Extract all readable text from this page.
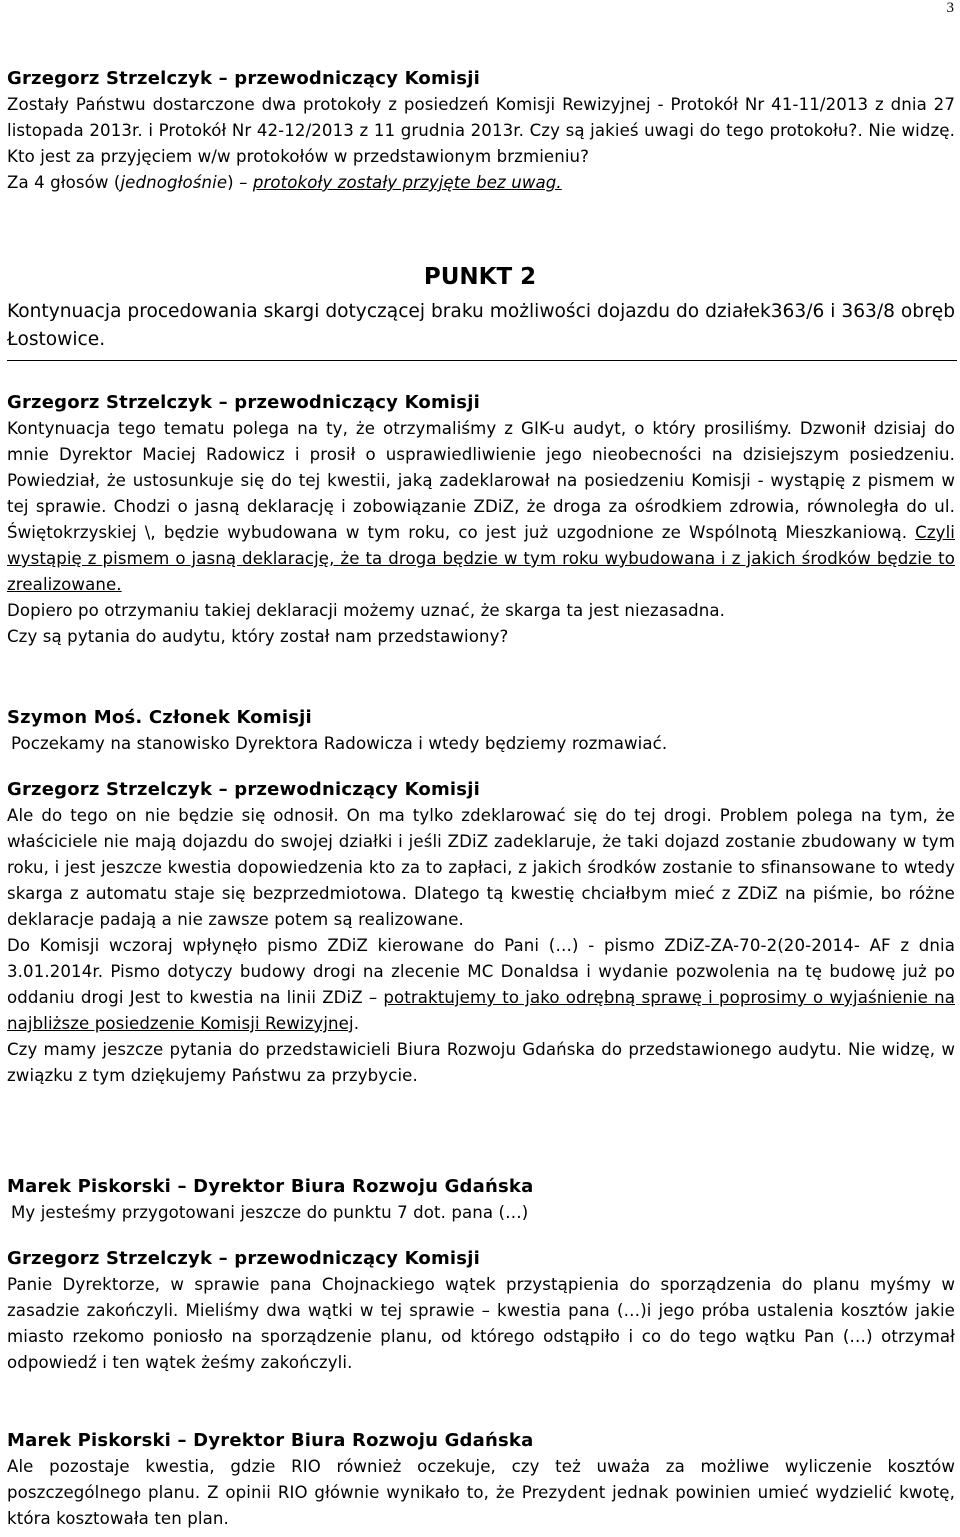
3
Grzegorz Strzelczyk – przewodniczący Komisji

Zostały Państwu dostarczone dwa protokoły z posiedzeń Komisji Rewizyjnej - Protokół Nr 41-11/2013 z dnia 27 listopada 2013r. i Protokół Nr 42-12/2013 z 11 grudnia 2013r. Czy są jakieś uwagi do tego protokołu?. Nie widzę. Kto jest za przyjęciem w/w protokołów w przedstawionym brzmieniu?

Za 4 głosów (jednogłośnie) – protokoły zostały przyjęte bez uwag.

PUNKT 2

Kontynuacja procedowania skargi dotyczącej braku możliwości dojazdu do działek363/6 i 363/8 obręb Łostowice.

Grzegorz Strzelczyk – przewodniczący Komisji

Kontynuacja tego tematu polega na ty, że otrzymaliśmy z GIK-u audyt, o który prosiliśmy. Dzwonił dzisiaj do mnie Dyrektor Maciej Radowicz i prosił o usprawiedliwienie jego nieobecności na dzisiejszym posiedzeniu. Powiedział, że ustosunkuje się do tej kwestii, jaką zadeklarował na posiedzeniu Komisji - wystąpię z pismem w tej sprawie. Chodzi o jasną deklarację i zobowiązanie ZDiZ, że droga za ośrodkiem zdrowia, równoległa do ul. Świętokrzyskiej \, będzie wybudowana w tym roku, co jest już uzgodnione ze Wspólnotą Mieszkaniową. Czyli wystąpię z pismem o jasną deklarację, że ta droga będzie w tym roku wybudowana i z jakich środków będzie to zrealizowane.

Dopiero po otrzymaniu takiej deklaracji możemy uznać, że skarga ta jest niezasadna.

Czy są pytania do audytu, który został nam przedstawiony?

Szymon Moś. Członek Komisji

Poczekamy na stanowisko Dyrektora Radowicza i wtedy będziemy rozmawiać.

Grzegorz Strzelczyk – przewodniczący Komisji

Ale do tego on nie będzie się odnosił. On ma tylko zdeklarować się do tej drogi. Problem polega na tym, że właściciele nie mają dojazdu do swojej działki i jeśli ZDiZ zadeklaruje, że taki dojazd zostanie zbudowany w tym roku, i jest jeszcze kwestia dopowiedzenia kto za to zapłaci, z jakich środków zostanie to sfinansowane to wtedy skarga z automatu staje się bezprzedmiotowa. Dlatego tą kwestię chciałbym mieć z ZDiZ na piśmie, bo różne deklaracje padają a nie zawsze potem są realizowane.

Do Komisji wczoraj wpłynęło pismo ZDiZ kierowane do Pani (…) - pismo ZDiZ-ZA-70-2(20-2014- AF z dnia 3.01.2014r. Pismo dotyczy budowy drogi na zlecenie MC Donaldsa i wydanie pozwolenia na tę budowę już po oddaniu drogi Jest to kwestia na linii ZDiZ – potraktujemy to jako odrębną sprawę i poprosimy o wyjaśnienie na najbliższe posiedzenie Komisji Rewizyjnej.

Czy mamy jeszcze pytania do przedstawicieli Biura Rozwoju Gdańska do przedstawionego audytu. Nie widzę, w związku z tym dziękujemy Państwu za przybycie.

Marek Piskorski – Dyrektor Biura Rozwoju Gdańska

My jesteśmy przygotowani jeszcze do punktu 7 dot. pana (…)

Grzegorz Strzelczyk – przewodniczący Komisji

Panie Dyrektorze, w sprawie pana Chojnackiego wątek przystąpienia do sporządzenia do planu myśmy w zasadzie zakończyli. Mieliśmy dwa wątki w tej sprawie – kwestia pana (…)i jego próba ustalenia kosztów jakie miasto rzekomo poniosło na sporządzenie planu, od którego odstąpiło i co do tego wątku Pan (…) otrzymał odpowiedź i ten wątek żeśmy zakończyli.

Marek Piskorski – Dyrektor Biura Rozwoju Gdańska

Ale pozostaje kwestia, gdzie RIO również oczekuje, czy też uważa za możliwe wyliczenie kosztów poszczególnego planu. Z opinii RIO głównie wynikało to, że Prezydent jednak powinien umieć wydzielić kwotę, która kosztowała ten plan.
